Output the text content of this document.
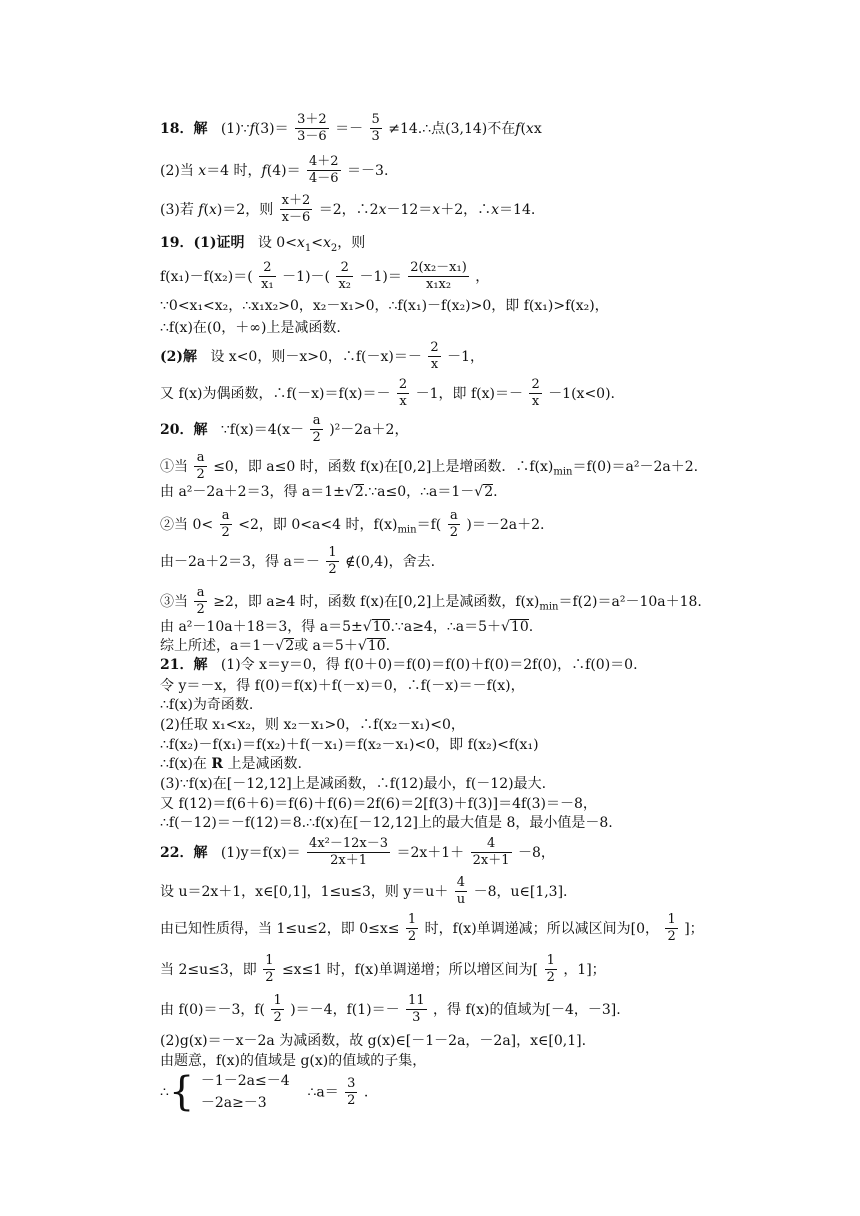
18．解 (1)∵f(3)＝ $\frac{3+2}{3-6} =- \frac{5}{3}$ ≠14.∴点(3,14)不在f(xx
(2)当 x＝4 时，$f(4)= \frac{4+2}{4-6} =-3$.
(3)若 f(x)＝2，则 $\frac{x+2}{x-6} =2$，∴2x－12＝x＋2，∴x＝14.
19．(1)证明 设 $0<x_1<x_2$，则
$f(x_1)-f(x_2)=( \frac{2}{\text{x₁}} -1)-( \frac{2}{\text{x₂}} -1)= \frac{\text{2(x₂－x₁)}}{\text{x₁x₂}}$ ，
∵0<x₁<x₂，∴x₁x₂>0，x₂－x₁>0，∴f(x₁)－f(x₂)>0，即 f(x₁)>f(x₂)，
∴f(x)在(0，＋∞)上是减函数.
(2)解 设 x<0，则－x>0，∴f(－x)＝－ $\frac{2}{x} -1$，
又 f(x)为偶函数，∴f(－x)＝f(x)＝－ $\frac{2}{x} -1$，即 $f(x)=- \frac{2}{x} -1(x<0)$.
20．解 ∵f(x)＝4(x－ $\frac{a}{2} )^2-2a+2$，
①当 $\frac{a}{2} \le 0$，即 a≤0 时，函数 f(x)在[0,2]上是增函数．$\therefore f(x)_{min}=f(0)=a^2-2a+2$.
由 a²－2a＋2＝3，得 a＝1±√2.∵a≤0，∴a＝1－√2.
②当 $0< \frac{a}{2} <2$，即 0<a<4 时，$f(x)_{min}=f( \frac{a}{2} )=-2a+2$.
由－2a＋2＝3，得 $a=- \frac{1}{2}$ ∉(0,4)，舍去.
③当 $\frac{a}{2} \ge 2$，即 a≥4 时，函数 f(x)在[0,2]上是减函数，$f(x)_{min}=f(2)=a^2-10a+18$.
由 a²－10a＋18＝3，得 a＝5±√10.∵a≥4，∴a＝5＋√10.
综上所述，a＝1－√2或 a＝5＋√10.
21．解 (1)令 x＝y＝0，得 f(0＋0)＝f(0)＝f(0)＋f(0)＝2f(0)，∴f(0)＝0.
令 y＝－x，得 f(0)＝f(x)＋f(－x)＝0，∴f(－x)＝－f(x)，
∴f(x)为奇函数.
(2)任取 x₁<x₂，则 x₂－x₁>0，∴f(x₂－x₁)<0，
∴f(x₂)－f(x₁)＝f(x₂)＋f(－x₁)＝f(x₂－x₁)<0，即 f(x₂)<f(x₁)
∴f(x)在 R 上是减函数.
(3)∵f(x)在[－12,12]上是减函数，∴f(12)最小，f(－12)最大.
又 f(12)＝f(6＋6)＝f(6)＋f(6)＝2f(6)＝2[f(3)＋f(3)]＝4f(3)＝－8，
∴f(－12)＝－f(12)＝8.∴f(x)在[－12,12]上的最大值是 8，最小值是－8.
22．解 $(1)y=f(x)= \frac{\text{4x²－12x－3}}{2x+1} =2x+1+ \frac{4}{2x+1} -8$，
设 u＝2x＋1，x∈[0,1]，1≤u≤3，则 $y=u+ \frac{4}{u} -8$，u∈[1,3].
由已知性质得，当 1≤u≤2，即 $0\le x\le \frac{1}{2}$ 时，f(x)单调递减；所以减区间为[0， $\frac{1}{2}$ ]；
当 2≤u≤3，即 $\frac{1}{2} \le x\le 1$ 时，f(x)单调递增；所以增区间为[ $\frac{1}{2}$ ，1]；
由 f(0)＝－3，$f( \frac{1}{2} )=-4$，$f(1)=- \frac{11}{3}$ ，得 f(x)的值域为[－4，－3].
(2)g(x)＝－x－2a 为减函数，故 g(x)∈[－1－2a，－2a]，x∈[0,1].
由题意，f(x)的值域是 g(x)的值域的子集，
∴{ －1－2a≤－4
－2a≥－3
∴a＝ $\frac{3}{2}$ .
